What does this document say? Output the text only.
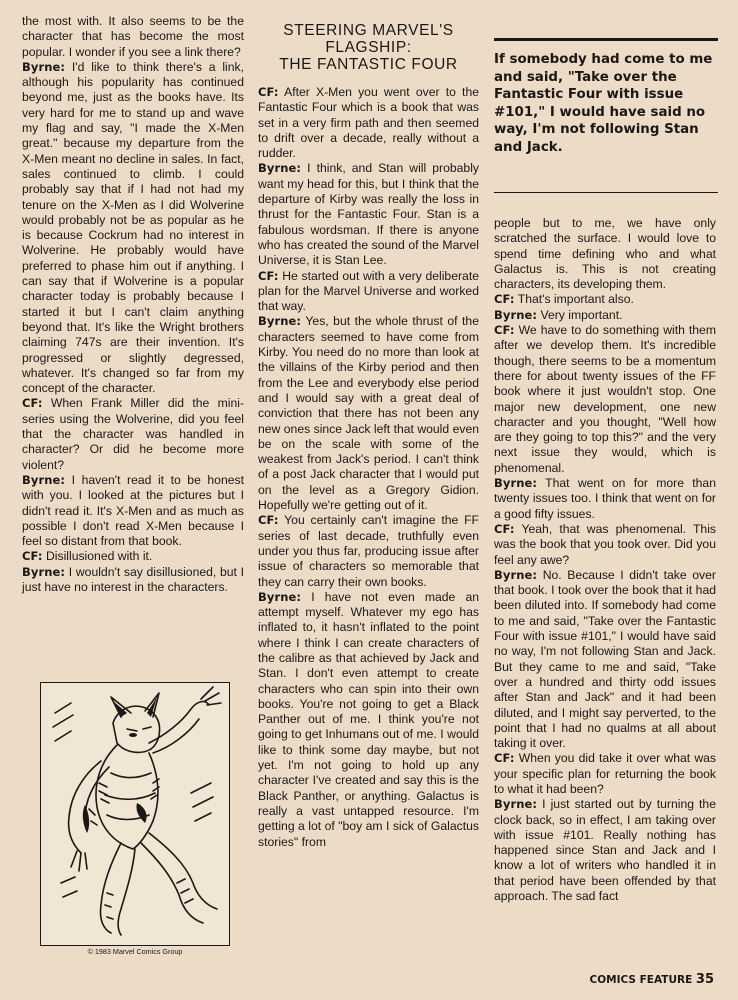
the most with. It also seems to be the character that has become the most popular. I wonder if you see a link there?

Byrne: I'd like to think there's a link, although his popularity has continued beyond me, just as the books have. Its very hard for me to stand up and wave my flag and say, "I made the X-Men great." because my departure from the X-Men meant no decline in sales. In fact, sales continued to climb. I could probably say that if I had not had my tenure on the X-Men as I did Wolverine would probably not be as popular as he is because Cockrum had no interest in Wolverine. He probably would have preferred to phase him out if anything. I can say that if Wolverine is a popular character today is probably because I started it but I can't claim anything beyond that. It's like the Wright brothers claiming 747s are their invention. It's progressed or slightly degressed, whatever. It's changed so far from my concept of the character.

CF: When Frank Miller did the mini-series using the Wolverine, did you feel that the character was handled in character? Or did he become more violent?

Byrne: I haven't read it to be honest with you. I looked at the pictures but I didn't read it. It's X-Men and as much as possible I don't read X-Men because I feel so distant from that book.

CF: Disillusioned with it.

Byrne: I wouldn't say disillusioned, but I just have no interest in the characters.

STEERING MARVEL'S
FLAGSHIP:
THE FANTASTIC FOUR

CF: After X-Men you went over to the Fantastic Four which is a book that was set in a very firm path and then seemed to drift over a decade, really without a rudder.

Byrne: I think, and Stan will probably want my head for this, but I think that the departure of Kirby was really the loss in thrust for the Fantastic Four. Stan is a fabulous wordsman. If there is anyone who has created the sound of the Marvel Universe, it is Stan Lee.

CF: He started out with a very deliberate plan for the Marvel Universe and worked that way.

Byrne: Yes, but the whole thrust of the characters seemed to have come from Kirby. You need do no more than look at the villains of the Kirby period and then from the Lee and everybody else period and I would say with a great deal of conviction that there has not been any new ones since Jack left that would even be on the scale with some of the weakest from Jack's period. I can't think of a post Jack character that I would put on the level as a Gregory Gidion. Hopefully we're getting out of it.

CF: You certainly can't imagine the FF series of last decade, truthfully even under you thus far, producing issue after issue of characters so memorable that they can carry their own books.

Byrne: I have not even made an attempt myself. Whatever my ego has inflated to, it hasn't inflated to the point where I think I can create characters of the calibre as that achieved by Jack and Stan. I don't even attempt to create characters who can spin into their own books. You're not going to get a Black Panther out of me. I think you're not going to get Inhumans out of me. I would like to think some day maybe, but not yet. I'm not going to hold up any character I've created and say this is the Black Panther, or anything. Galactus is really a vast untapped resource. I'm getting a lot of "boy am I sick of Galactus stories" from

If somebody had come to me and said, "Take over the Fantastic Four with issue #101," I would have said no way, I'm not following Stan and Jack.

people but to me, we have only scratched the surface. I would love to spend time defining who and what Galactus is. This is not creating characters, its developing them.

CF: That's important also.

Byrne: Very important.

CF: We have to do something with them after we develop them. It's incredible though, there seems to be a momentum there for about twenty issues of the FF book where it just wouldn't stop. One major new development, one new character and you thought, "Well how are they going to top this?" and the very next issue they would, which is phenomenal.

Byrne: That went on for more than twenty issues too. I think that went on for a good fifty issues.

CF: Yeah, that was phenomenal. This was the book that you took over. Did you feel any awe?

Byrne: No. Because I didn't take over that book. I took over the book that it had been diluted into. If somebody had come to me and said, "Take over the Fantastic Four with issue #101," I would have said no way, I'm not following Stan and Jack. But they came to me and said, "Take over a hundred and thirty odd issues after Stan and Jack" and it had been diluted, and I might say perverted, to the point that I had no qualms at all about taking it over.

CF: When you did take it over what was your specific plan for returning the book to what it had been?

Byrne: I just started out by turning the clock back, so in effect, I am taking over with issue #101. Really nothing has happened since Stan and Jack and I know a lot of writers who handled it in that period have been offended by that approach. The sad fact

© 1983 Marvel Comics Group
COMICS FEATURE 35
